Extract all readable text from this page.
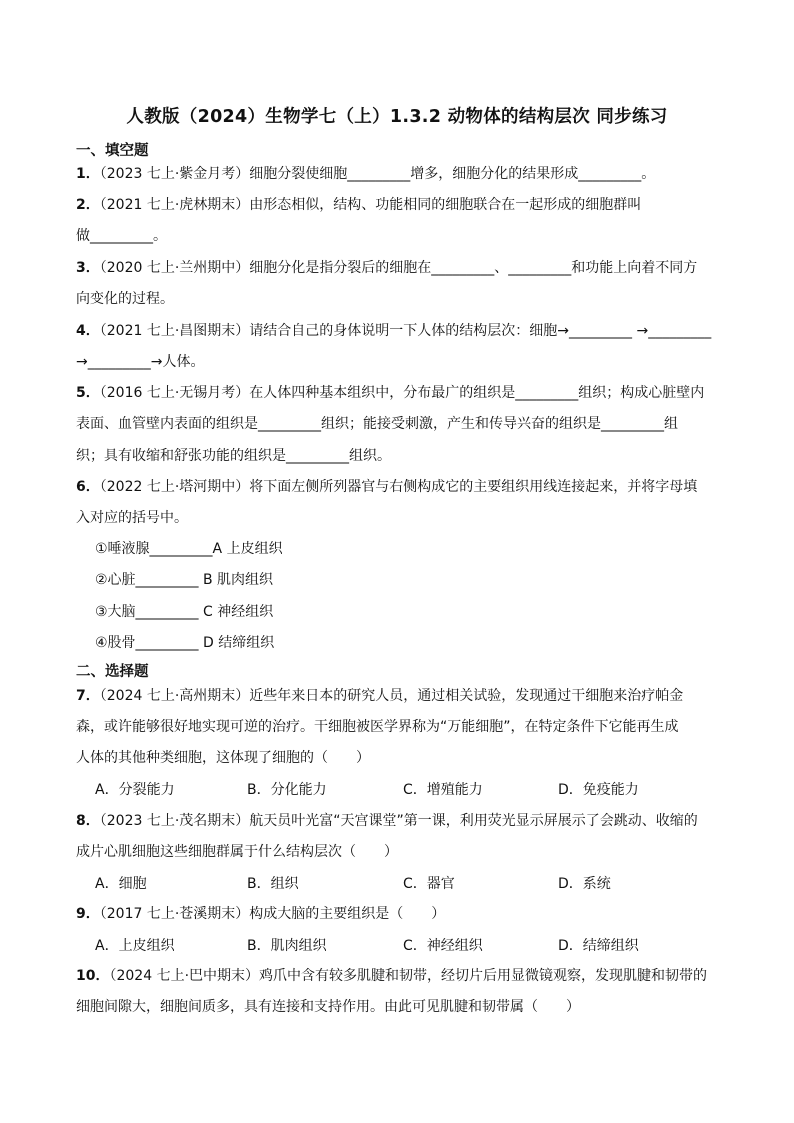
人教版（2024）生物学七（上）1.3.2 动物体的结构层次 同步练习
一、填空题
1．（2023 七上·紫金月考）细胞分裂使细胞_________增多，细胞分化的结果形成_________。
2．（2021 七上·虎林期末）由形态相似，结构、功能相同的细胞联合在一起形成的细胞群叫
做_________。
3．（2020 七上·兰州期中）细胞分化是指分裂后的细胞在_________、_________和功能上向着不同方
向变化的过程。
4．（2021 七上·昌图期末）请结合自己的身体说明一下人体的结构层次：细胞→_________ →_________
→_________→人体。
5．（2016 七上·无锡月考）在人体四种基本组织中，分布最广的组织是_________组织；构成心脏壁内
表面、血管壁内表面的组织是_________组织；能接受刺激，产生和传导兴奋的组织是_________组
织；具有收缩和舒张功能的组织是_________组织。
6．（2022 七上·塔河期中）将下面左侧所列器官与右侧构成它的主要组织用线连接起来，并将字母填
入对应的括号中。
①唾液腺_________A 上皮组织
②心脏_________ B 肌肉组织
③大脑_________ C 神经组织
④股骨_________ D 结缔组织
二、选择题
7．（2024 七上·高州期末）近些年来日本的研究人员，通过相关试验，发现通过干细胞来治疗帕金
森，或许能够很好地实现可逆的治疗。干细胞被医学界称为“万能细胞”，在特定条件下它能再生成
人体的其他种类细胞，这体现了细胞的（　　）
A．分裂能力	B．分化能力	C．增殖能力	D．免疫能力
8．（2023 七上·茂名期末）航天员叶光富“天宫课堂”第一课，利用荧光显示屏展示了会跳动、收缩的
成片心肌细胞这些细胞群属于什么结构层次（　　）
A．细胞	B．组织	C．器官	D．系统
9．（2017 七上·苍溪期末）构成大脑的主要组织是（　　）
A．上皮组织	B．肌肉组织	C．神经组织	D．结缔组织
10．（2024 七上·巴中期末）鸡爪中含有较多肌腱和韧带，经切片后用显微镜观察，发现肌腱和韧带的
细胞间隙大，细胞间质多，具有连接和支持作用。由此可见肌腱和韧带属（　　）
